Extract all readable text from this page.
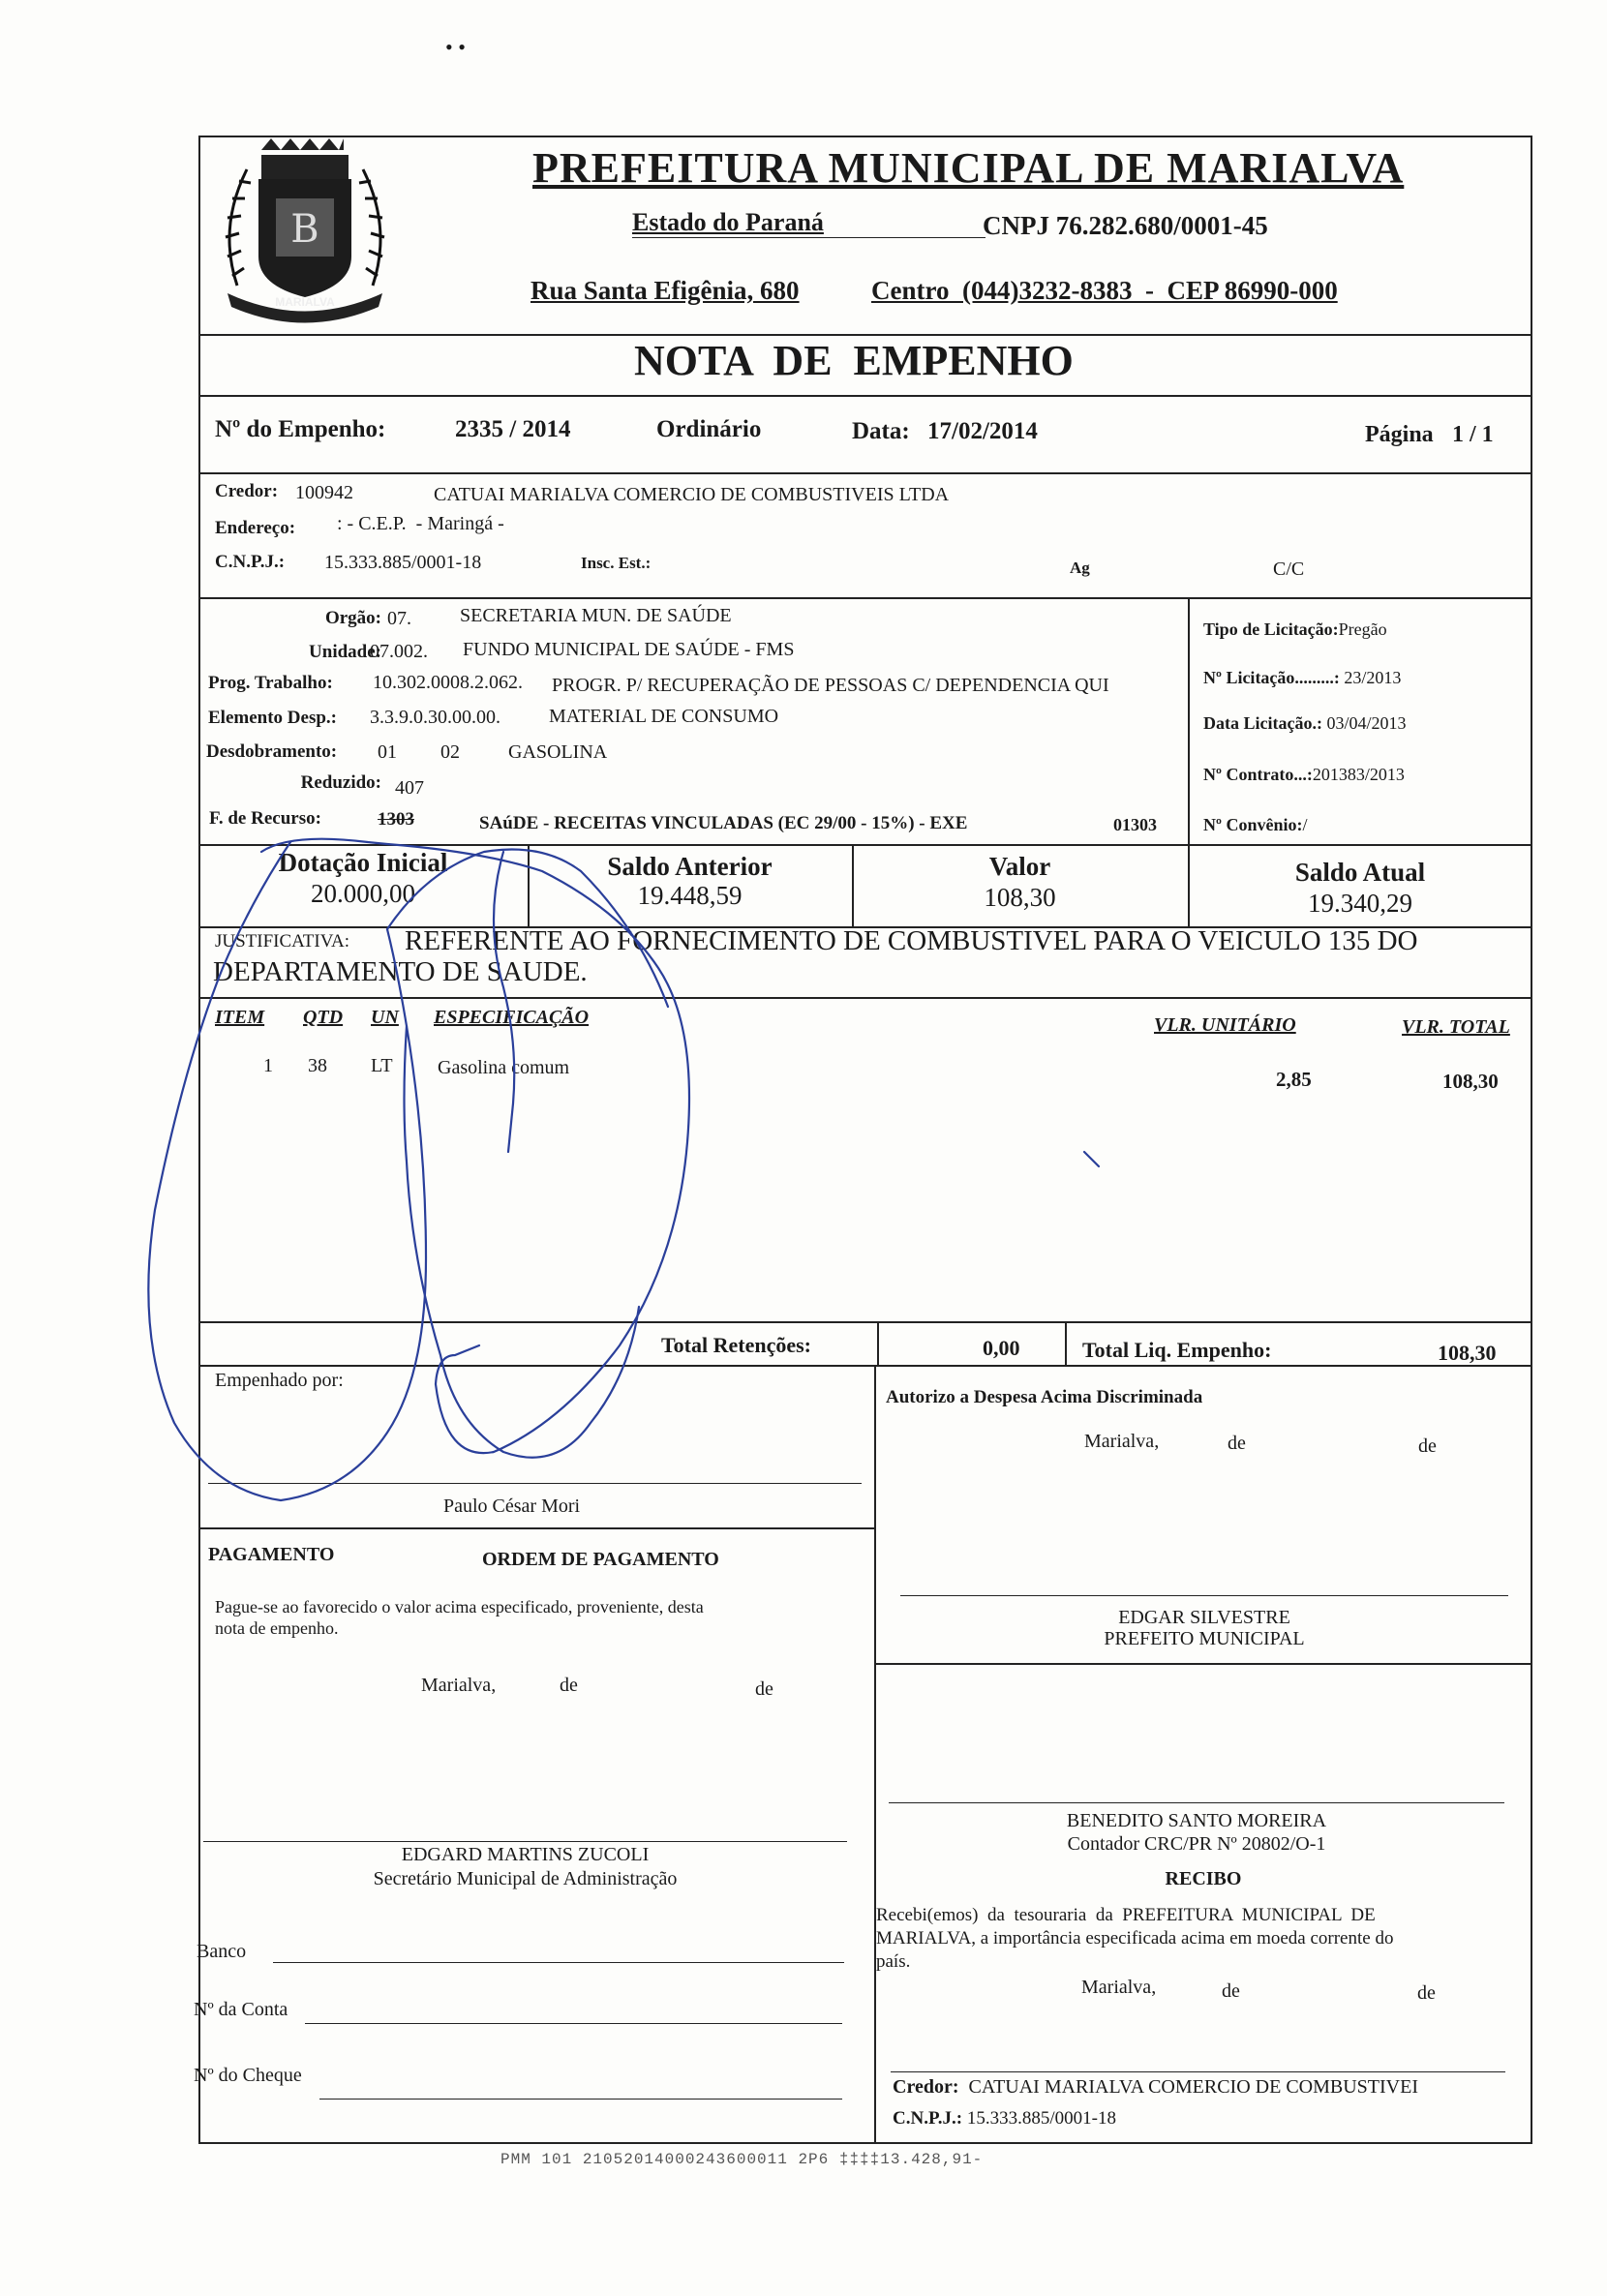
• •
B
MARIALVA
PREFEITURA MUNICIPAL DE MARIALVA
Estado do Paraná	CNPJ 76.282.680/0001-45
Rua Santa Efigênia, 680	Centro  (044)3232-8383  -  CEP 86990-000
NOTA  DE  EMPENHO
Nº do Empenho:	2335 / 2014	Ordinário	Data: 17/02/2014	Página 1 / 1
Credor: 100942	CATUAI MARIALVA COMERCIO DE COMBUSTIVEIS LTDA
Endereço: : - C.E.P.  - Maringá -
C.N.P.J.: 15.333.885/0001-18	Insc. Est.:	Ag	C/C
Orgão: 07.	SECRETARIA MUN. DE SAÚDE
Unidade:
07.002. FUNDO MUNICIPAL DE SAÚDE - FMS
Prog. Trabalho: 10.302.0008.2.062. PROGR. P/ RECUPERAÇÃO DE PESSOAS C/ DEPENDENCIA QUI
Elemento Desp.: 3.3.9.0.30.00.00.	MATERIAL DE CONSUMO
Desdobramento: 01 02	GASOLINA
Reduzido: 407
F. de Recurso:	1303	SAúDE - RECEITAS VINCULADAS (EC 29/00 - 15%) - EXE	01303
Tipo de Licitação:Pregão
Nº Licitação.........: 23/2013
Data Licitação.: 03/04/2013
Nº Contrato...:201383/2013
Nº Convênio:/
Dotação Inicial
20.000,00
Saldo Anterior
19.448,59
Valor
108,30
Saldo Atual
19.340,29
JUSTIFICATIVA: REFERENTE AO FORNECIMENTO DE COMBUSTIVEL PARA O VEICULO 135 DO
DEPARTAMENTO DE SAUDE.
ITEM QTD UN ESPECIFICAÇÃO	VLR. UNITÁRIO	VLR. TOTAL
1 38 LT Gasolina comum	2,85	108,30
Total Retenções:	0,00	Total Liq. Empenho:	108,30
Empenhado por:
Paulo César Mori
Autorizo a Despesa Acima Discriminada
Marialva,	de	de
PAGAMENTO	ORDEM DE PAGAMENTO
Pague-se ao favorecido o valor acima especificado, proveniente, desta
nota de empenho.
Marialva,	de	de
EDGARD MARTINS ZUCOLI
Secretário Municipal de Administração
Banco
Nº da Conta
Nº do Cheque
EDGAR SILVESTRE
PREFEITO MUNICIPAL
BENEDITO SANTO MOREIRA
Contador CRC/PR Nº 20802/O-1
RECIBO
Recebi(emos)  da  tesouraria  da  PREFEITURA  MUNICIPAL  DE
MARIALVA, a importância especificada acima em moeda corrente do
país.
Marialva,	de	de
Credor: CATUAI MARIALVA COMERCIO DE COMBUSTIVEI
C.N.P.J.: 15.333.885/0001-18
PMM 101 21052014000243600011 2P6 ‡‡‡‡13.428,91-
